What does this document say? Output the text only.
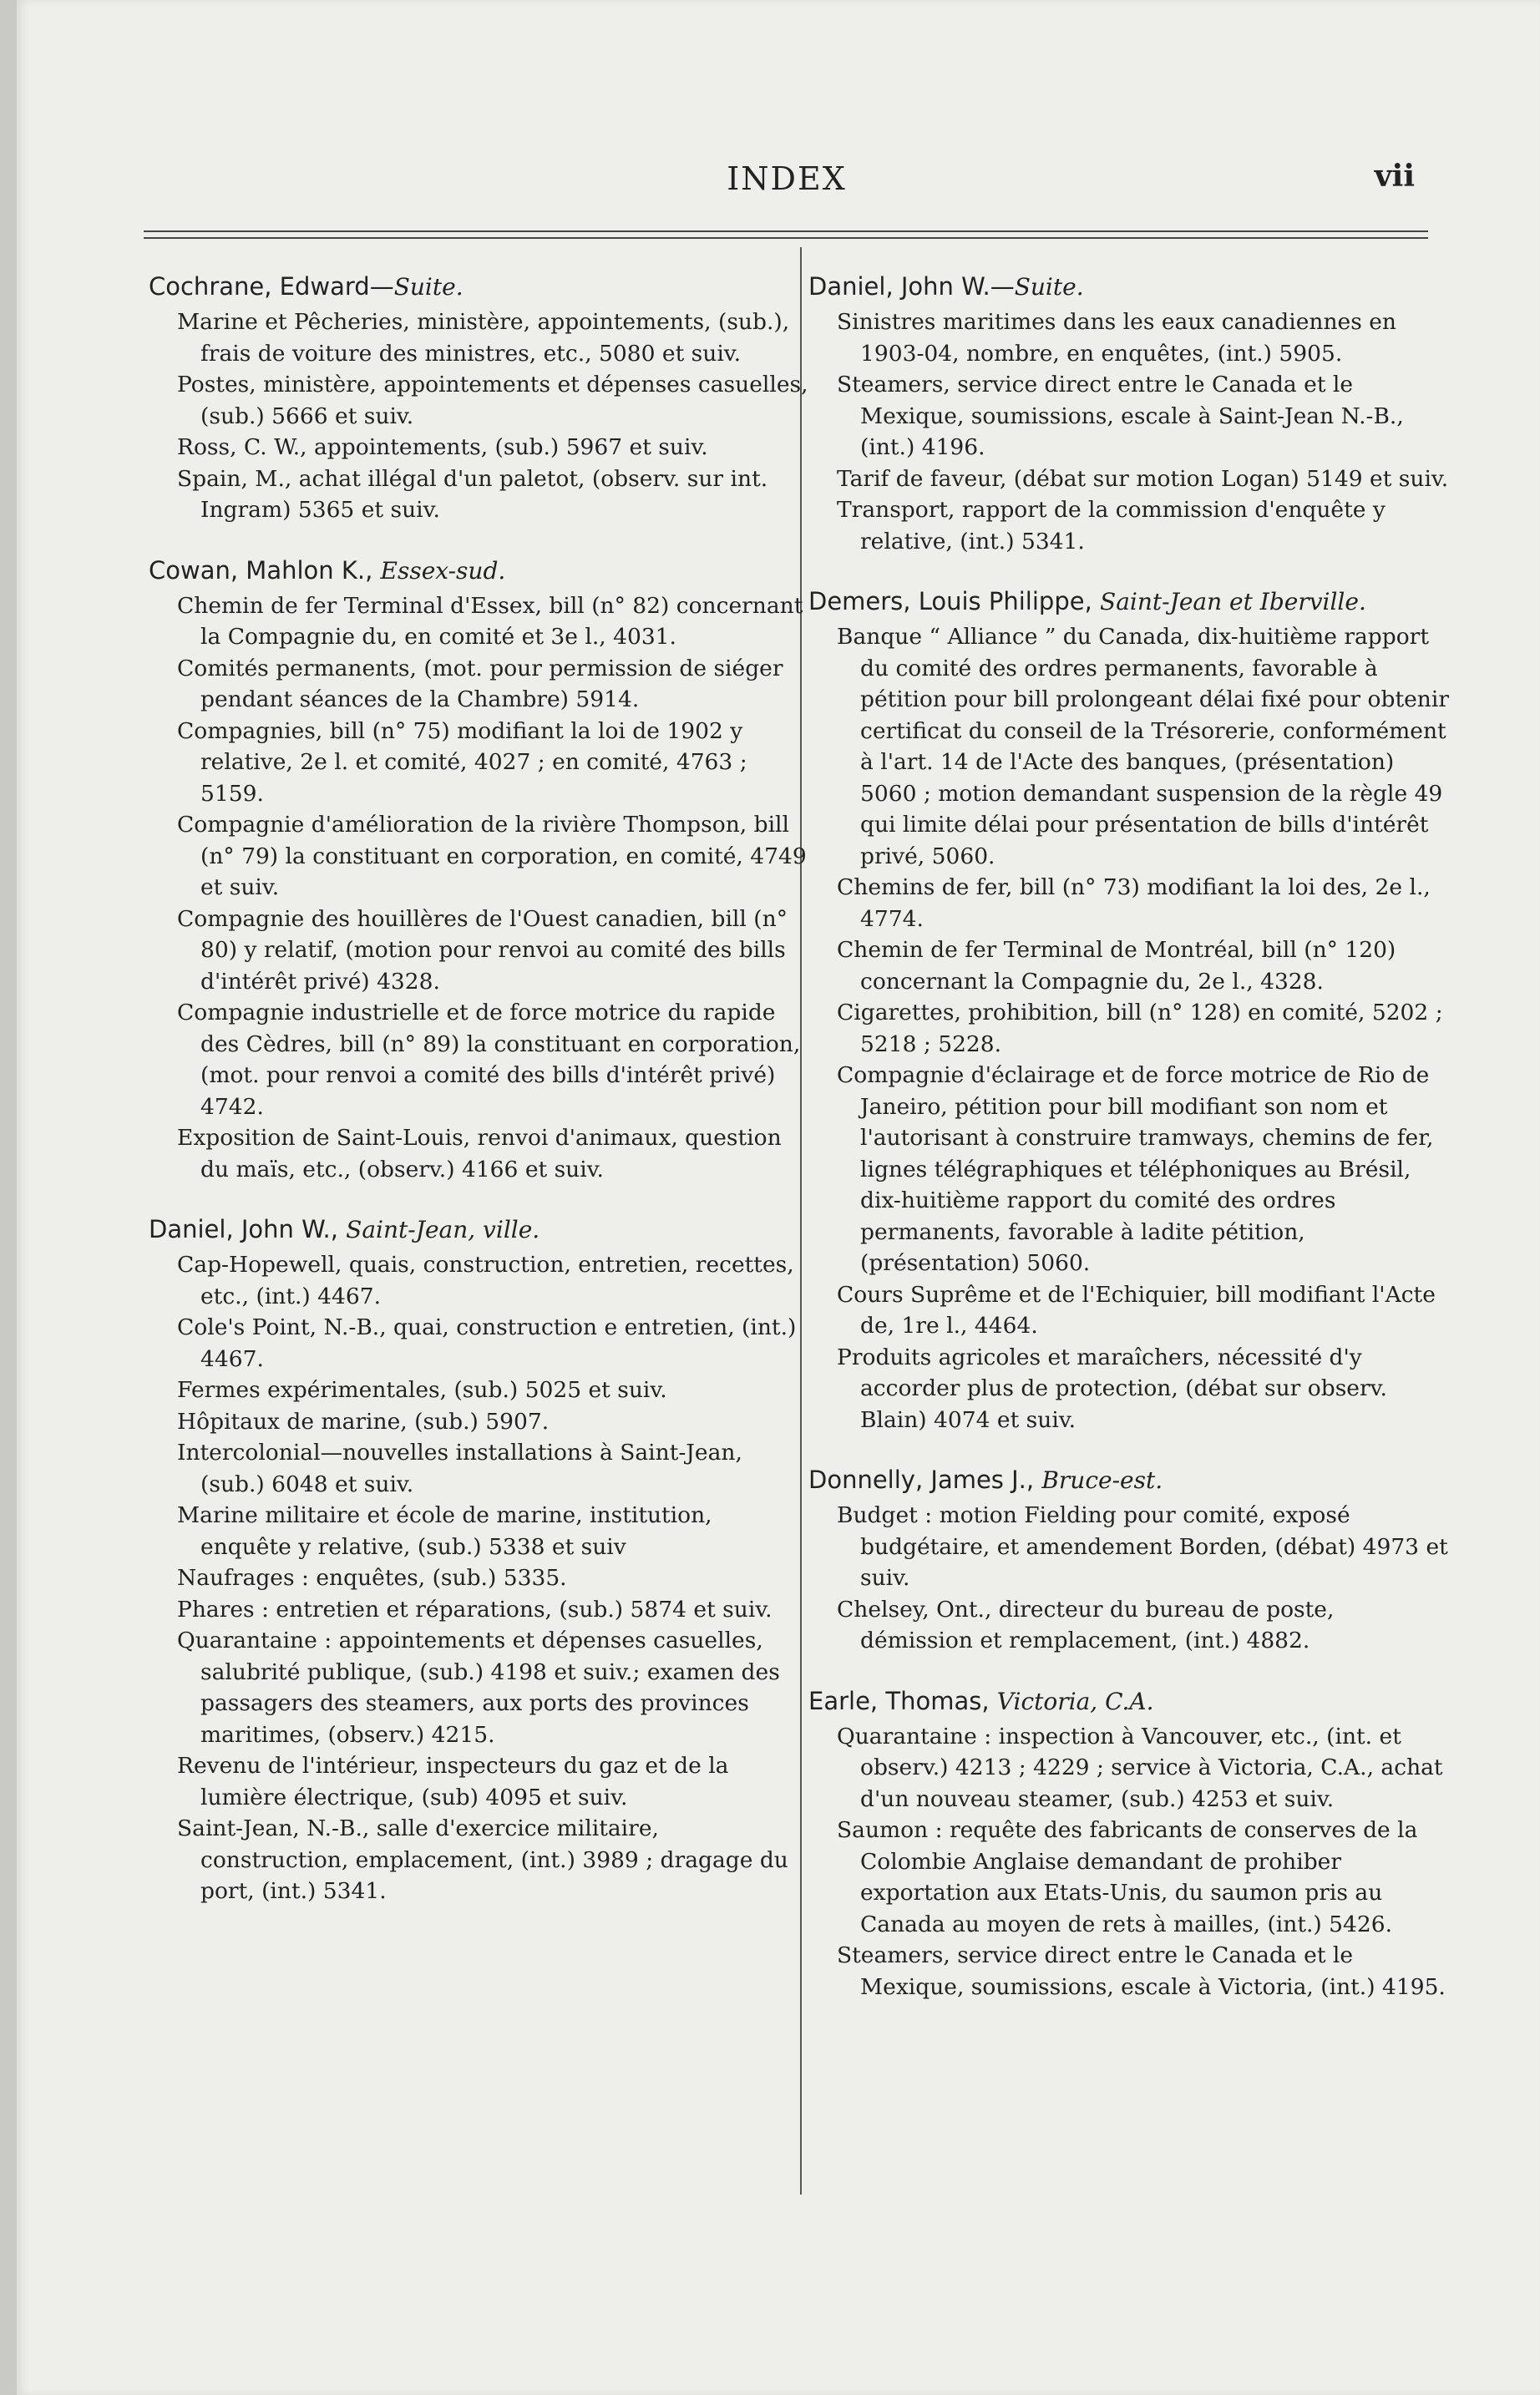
INDEX	vii
Cochrane, Edward—Suite.
Marine et Pêcheries, ministère, appointements, (sub.), frais de voiture des ministres, etc., 5080 et suiv.
Postes, ministère, appointements et dépenses casuelles, (sub.) 5666 et suiv.
Ross, C. W., appointements, (sub.) 5967 et suiv.
Spain, M., achat illégal d'un paletot, (observ. sur int. Ingram) 5365 et suiv.
Cowan, Mahlon K., Essex-sud.
Chemin de fer Terminal d'Essex, bill (n° 82) concernant la Compagnie du, en comité et 3e l., 4031.
Comités permanents, (mot. pour permission de siéger pendant séances de la Chambre) 5914.
Compagnies, bill (n° 75) modifiant la loi de 1902 y relative, 2e l. et comité, 4027 ; en comité, 4763 ; 5159.
Compagnie d'amélioration de la rivière Thompson, bill (n° 79) la constituant en corporation, en comité, 4749 et suiv.
Compagnie des houillères de l'Ouest canadien, bill (n° 80) y relatif, (motion pour renvoi au comité des bills d'intérêt privé) 4328.
Compagnie industrielle et de force motrice du rapide des Cèdres, bill (n° 89) la constituant en corporation, (mot. pour renvoi a comité des bills d'intérêt privé) 4742.
Exposition de Saint-Louis, renvoi d'animaux, question du maïs, etc., (observ.) 4166 et suiv.
Daniel, John W., Saint-Jean, ville.
Cap-Hopewell, quais, construction, entretien, recettes, etc., (int.) 4467.
Cole's Point, N.-B., quai, construction e entretien, (int.) 4467.
Fermes expérimentales, (sub.) 5025 et suiv.
Hôpitaux de marine, (sub.) 5907.
Intercolonial—nouvelles installations à Saint-Jean, (sub.) 6048 et suiv.
Marine militaire et école de marine, institution, enquête y relative, (sub.) 5338 et suiv
Naufrages : enquêtes, (sub.) 5335.
Phares : entretien et réparations, (sub.) 5874 et suiv.
Quarantaine : appointements et dépenses casuelles, salubrité publique, (sub.) 4198 et suiv.; examen des passagers des steamers, aux ports des provinces maritimes, (observ.) 4215.
Revenu de l'intérieur, inspecteurs du gaz et de la lumière électrique, (sub) 4095 et suiv.
Saint-Jean, N.-B., salle d'exercice militaire, construction, emplacement, (int.) 3989 ; dragage du port, (int.) 5341.
Daniel, John W.—Suite.
Sinistres maritimes dans les eaux canadiennes en 1903-04, nombre, en enquêtes, (int.) 5905.
Steamers, service direct entre le Canada et le Mexique, soumissions, escale à Saint-Jean N.-B., (int.) 4196.
Tarif de faveur, (débat sur motion Logan) 5149 et suiv.
Transport, rapport de la commission d'enquête y relative, (int.) 5341.
Demers, Louis Philippe, Saint-Jean et Iberville.
Banque “ Alliance ” du Canada, dix-huitième rapport du comité des ordres permanents, favorable à pétition pour bill prolongeant délai fixé pour obtenir certificat du conseil de la Trésorerie, conformément à l'art. 14 de l'Acte des banques, (présentation) 5060 ; motion demandant suspension de la règle 49 qui limite délai pour présentation de bills d'intérêt privé, 5060.
Chemins de fer, bill (n° 73) modifiant la loi des, 2e l., 4774.
Chemin de fer Terminal de Montréal, bill (n° 120) concernant la Compagnie du, 2e l., 4328.
Cigarettes, prohibition, bill (n° 128) en comité, 5202 ; 5218 ; 5228.
Compagnie d'éclairage et de force motrice de Rio de Janeiro, pétition pour bill modifiant son nom et l'autorisant à construire tramways, chemins de fer, lignes télégraphiques et téléphoniques au Brésil, dix-huitième rapport du comité des ordres permanents, favorable à ladite pétition, (présentation) 5060.
Cours Suprême et de l'Echiquier, bill modifiant l'Acte de, 1re l., 4464.
Produits agricoles et maraîchers, nécessité d'y accorder plus de protection, (débat sur observ. Blain) 4074 et suiv.
Donnelly, James J., Bruce-est.
Budget : motion Fielding pour comité, exposé budgétaire, et amendement Borden, (débat) 4973 et suiv.
Chelsey, Ont., directeur du bureau de poste, démission et remplacement, (int.) 4882.
Earle, Thomas, Victoria, C.A.
Quarantaine : inspection à Vancouver, etc., (int. et observ.) 4213 ; 4229 ; service à Victoria, C.A., achat d'un nouveau steamer, (sub.) 4253 et suiv.
Saumon : requête des fabricants de conserves de la Colombie Anglaise demandant de prohiber exportation aux Etats-Unis, du saumon pris au Canada au moyen de rets à mailles, (int.) 5426.
Steamers, service direct entre le Canada et le Mexique, soumissions, escale à Victoria, (int.) 4195.
